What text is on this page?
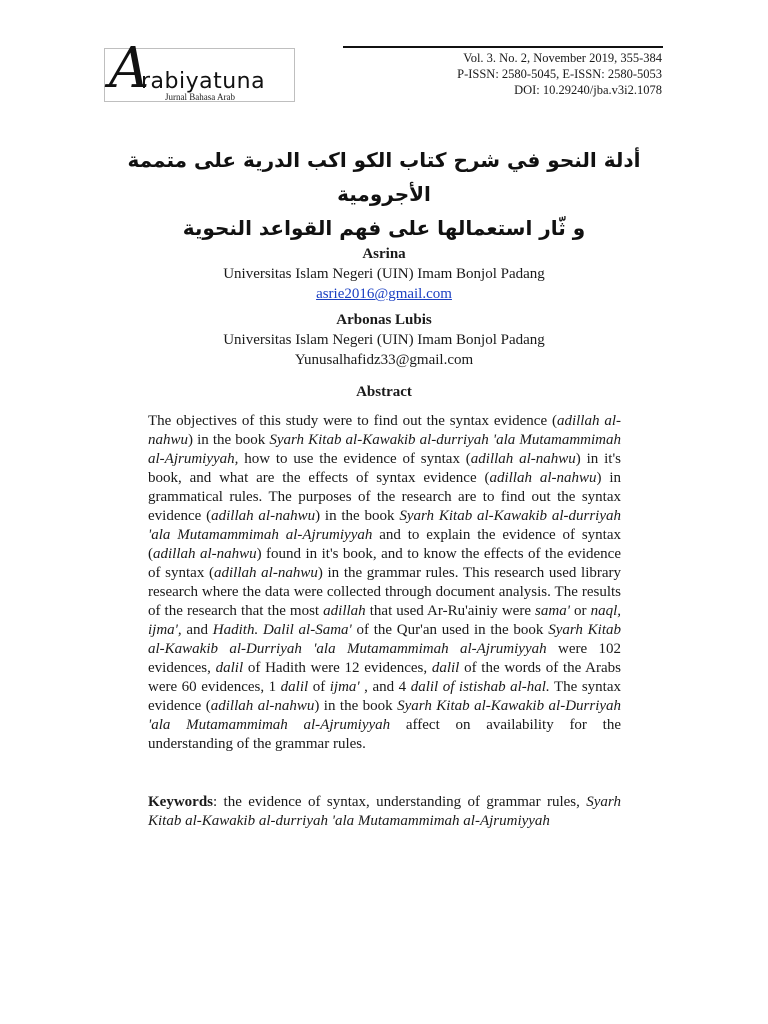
A
rabiyatuna
Jurnal Bahasa Arab
Vol. 3. No. 2, November 2019, 355-384
P-ISSN: 2580-5045, E-ISSN: 2580-5053
DOI: 10.29240/jba.v3i2.1078
أدلة النحو في شرح كتاب الكو اكب الدرية على متممة الأجرومية
و ثّار استعمالها على فهم القواعد النحوية
Asrina
Universitas Islam Negeri (UIN) Imam Bonjol Padang
asrie2016@gmail.com
Arbonas Lubis
Universitas Islam Negeri (UIN) Imam Bonjol Padang
Yunusalhafidz33@gmail.com
Abstract

The objectives of this study were to find out the syntax evidence (adillah al-nahwu) in the book Syarh Kitab al-Kawakib al-durriyah 'ala Mutamammimah al-Ajrumiyyah, how to use the evidence of syntax (adillah al-nahwu) in it's book, and what are the effects of syntax evidence (adillah al-nahwu) in grammatical rules. The purposes of the research are to find out the syntax evidence (adillah al-nahwu) in the book Syarh Kitab al-Kawakib al-durriyah 'ala Mutamammimah al-Ajrumiyyah and to explain the evidence of syntax (adillah al-nahwu) found in it's book, and to know the effects of the evidence of syntax (adillah al-nahwu) in the grammar rules. This research used library research where the data were collected through document analysis. The results of the research that the most adillah that used Ar-Ru'ainiy were sama' or naql, ijma', and Hadith. Dalil al-Sama' of the Qur'an used in the book Syarh Kitab al-Kawakib al-Durriyah 'ala Mutamammimah al-Ajrumiyyah were 102 evidences, dalil of Hadith were 12 evidences, dalil of the words of the Arabs were 60 evidences, 1 dalil of ijma' , and 4 dalil of istishab al-hal. The syntax evidence (adillah al-nahwu) in the book Syarh Kitab al-Kawakib al-Durriyah 'ala Mutamammimah al-Ajrumiyyah affect on availability for the understanding of the grammar rules.

Keywords: the evidence of syntax, understanding of grammar rules, Syarh Kitab al-Kawakib al-durriyah 'ala Mutamammimah al-Ajrumiyyah
